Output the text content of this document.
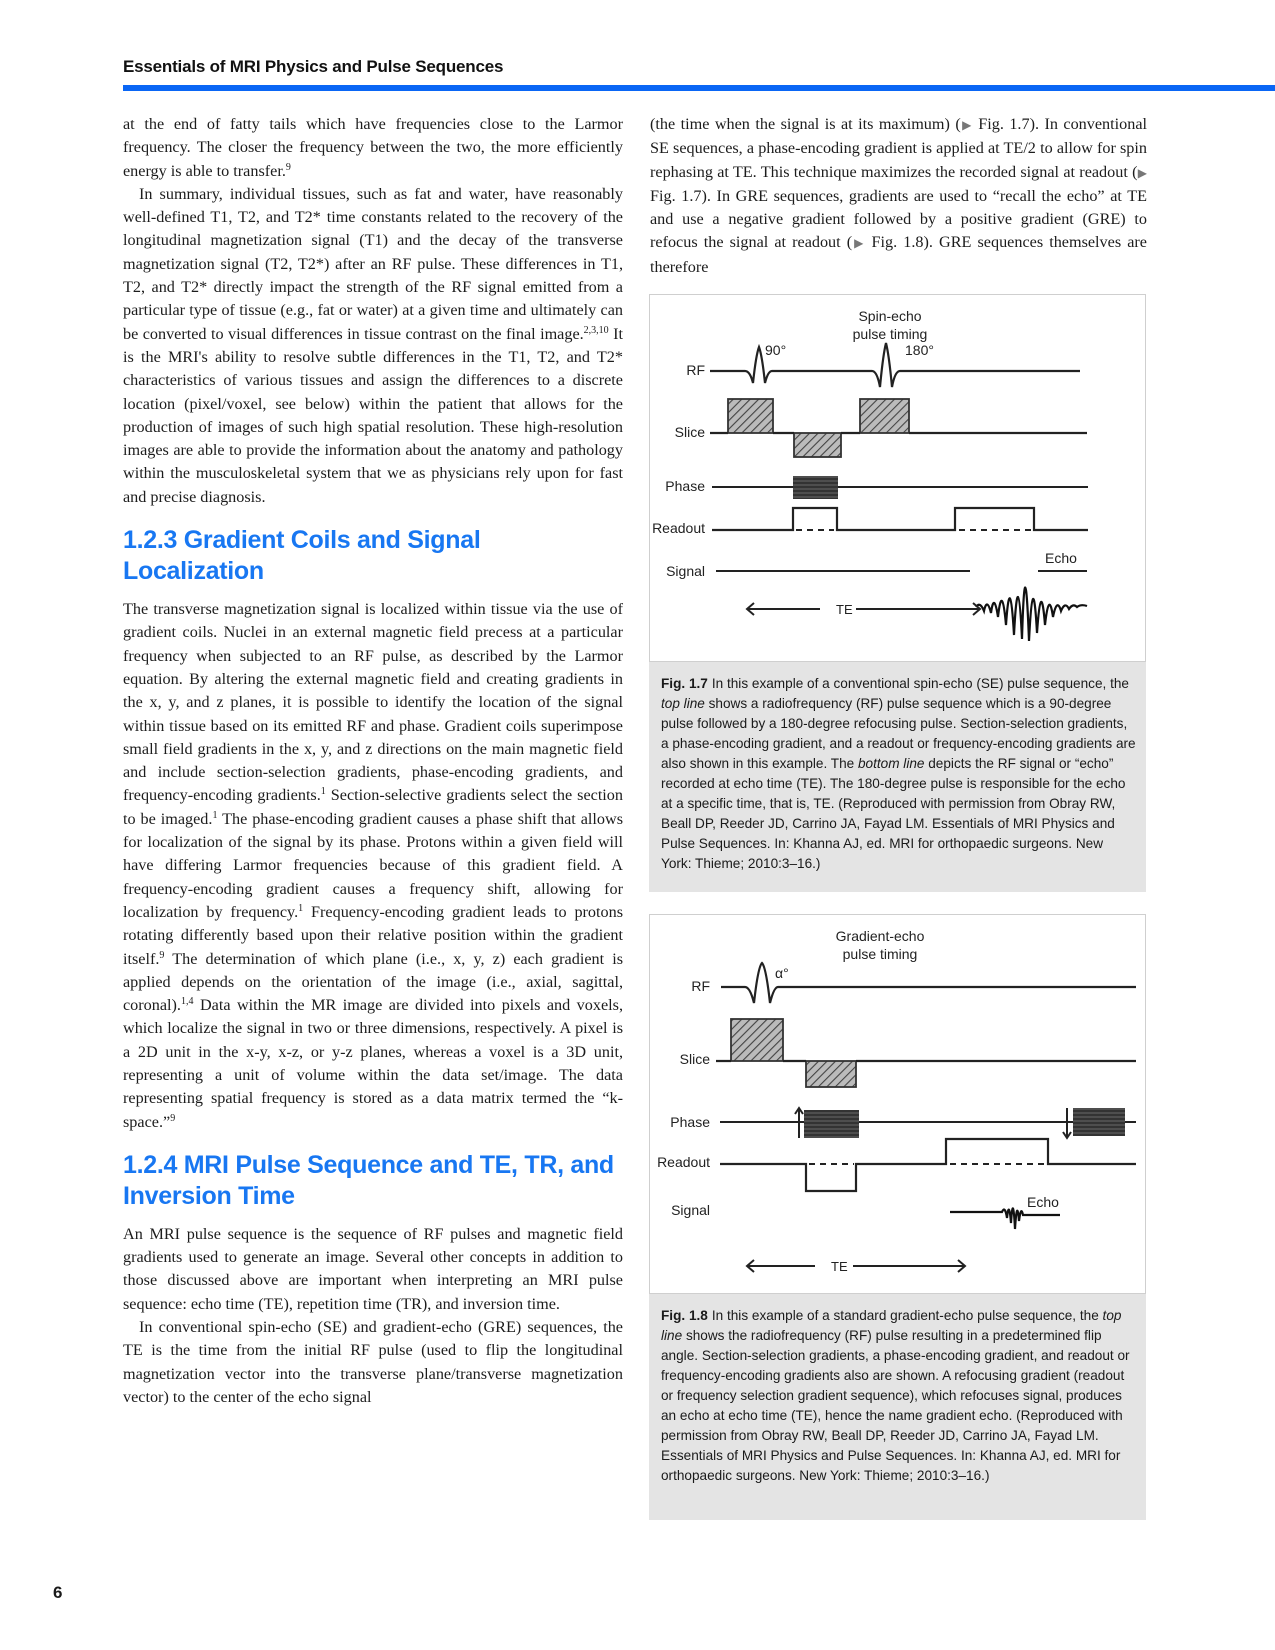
Essentials of MRI Physics and Pulse Sequences

at the end of fatty tails which have frequencies close to the Larmor frequency. The closer the frequency between the two, the more efficiently energy is able to transfer.$^9$

In summary, individual tissues, such as fat and water, have reasonably well-defined T1, T2, and T2* time constants related to the recovery of the longitudinal magnetization signal (T1) and the decay of the transverse magnetization signal (T2, T2*) after an RF pulse. These differences in T1, T2, and T2* directly impact the strength of the RF signal emitted from a particular type of tissue (e.g., fat or water) at a given time and ultimately can be converted to visual differences in tissue contrast on the final image.$^{2,3,10}$ It is the MRI's ability to resolve subtle differences in the T1, T2, and T2* characteristics of various tissues and assign the differences to a discrete location (pixel/voxel, see below) within the patient that allows for the production of images of such high spatial resolution. These high-resolution images are able to provide the information about the anatomy and pathology within the musculoskeletal system that we as physicians rely upon for fast and precise diagnosis.

1.2.3 Gradient Coils and Signal Localization

The transverse magnetization signal is localized within tissue via the use of gradient coils. Nuclei in an external magnetic field precess at a particular frequency when subjected to an RF pulse, as described by the Larmor equation. By altering the external magnetic field and creating gradients in the x, y, and z planes, it is possible to identify the location of the signal within tissue based on its emitted RF and phase. Gradient coils superimpose small field gradients in the x, y, and z directions on the main magnetic field and include section-selection gradients, phase-encoding gradients, and frequency-encoding gradients.$^1$ Section-selective gradients select the section to be imaged.$^1$ The phase-encoding gradient causes a phase shift that allows for localization of the signal by its phase. Protons within a given field will have differing Larmor frequencies because of this gradient field. A frequency-encoding gradient causes a frequency shift, allowing for localization by frequency.$^1$ Frequency-encoding gradient leads to protons rotating differently based upon their relative position within the gradient itself.$^9$ The determination of which plane (i.e., x, y, z) each gradient is applied depends on the orientation of the image (i.e., axial, sagittal, coronal).$^{1,4}$ Data within the MR image are divided into pixels and voxels, which localize the signal in two or three dimensions, respectively. A pixel is a 2D unit in the x-y, x-z, or y-z planes, whereas a voxel is a 3D unit, representing a unit of volume within the data set/image. The data representing spatial frequency is stored as a data matrix termed the “k-space.”$^9$

1.2.4 MRI Pulse Sequence and TE, TR, and Inversion Time

An MRI pulse sequence is the sequence of RF pulses and magnetic field gradients used to generate an image. Several other concepts in addition to those discussed above are important when interpreting an MRI pulse sequence: echo time (TE), repetition time (TR), and inversion time.

In conventional spin-echo (SE) and gradient-echo (GRE) sequences, the TE is the time from the initial RF pulse (used to flip the longitudinal magnetization vector into the transverse plane/transverse magnetization vector) to the center of the echo signal

(the time when the signal is at its maximum) (▶ Fig. 1.7). In conventional SE sequences, a phase-encoding gradient is applied at TE/2 to allow for spin rephasing at TE. This technique maximizes the recorded signal at readout (▶ Fig. 1.7). In GRE sequences, gradients are used to “recall the echo” at TE and use a negative gradient followed by a positive gradient (GRE) to refocus the signal at readout (▶ Fig. 1.8). GRE sequences themselves are therefore

Spin-echo
pulse timing
RF
90°	180°
Slice
Phase
Readout
Signal
Echo
TE
Fig. 1.7 In this example of a conventional spin-echo (SE) pulse sequence, the top line shows a radiofrequency (RF) pulse sequence which is a 90-degree pulse followed by a 180-degree refocusing pulse. Section-selection gradients, a phase-encoding gradient, and a readout or frequency-encoding gradients are also shown in this example. The bottom line depicts the RF signal or “echo” recorded at echo time (TE). The 180-degree pulse is responsible for the echo at a specific time, that is, TE. (Reproduced with permission from Obray RW, Beall DP, Reeder JD, Carrino JA, Fayad LM. Essentials of MRI Physics and Pulse Sequences. In: Khanna AJ, ed. MRI for orthopaedic surgeons. New York: Thieme; 2010:3–16.)
Gradient-echo
pulse timing
RF
α°
Slice
Phase
Readout
Signal	Echo
TE
Fig. 1.8 In this example of a standard gradient-echo pulse sequence, the top line shows the radiofrequency (RF) pulse resulting in a predetermined flip angle. Section-selection gradients, a phase-encoding gradient, and readout or frequency-encoding gradients also are shown. A refocusing gradient (readout or frequency selection gradient sequence), which refocuses signal, produces an echo at echo time (TE), hence the name gradient echo. (Reproduced with permission from Obray RW, Beall DP, Reeder JD, Carrino JA, Fayad LM. Essentials of MRI Physics and Pulse Sequences. In: Khanna AJ, ed. MRI for orthopaedic surgeons. New York: Thieme; 2010:3–16.)
6
